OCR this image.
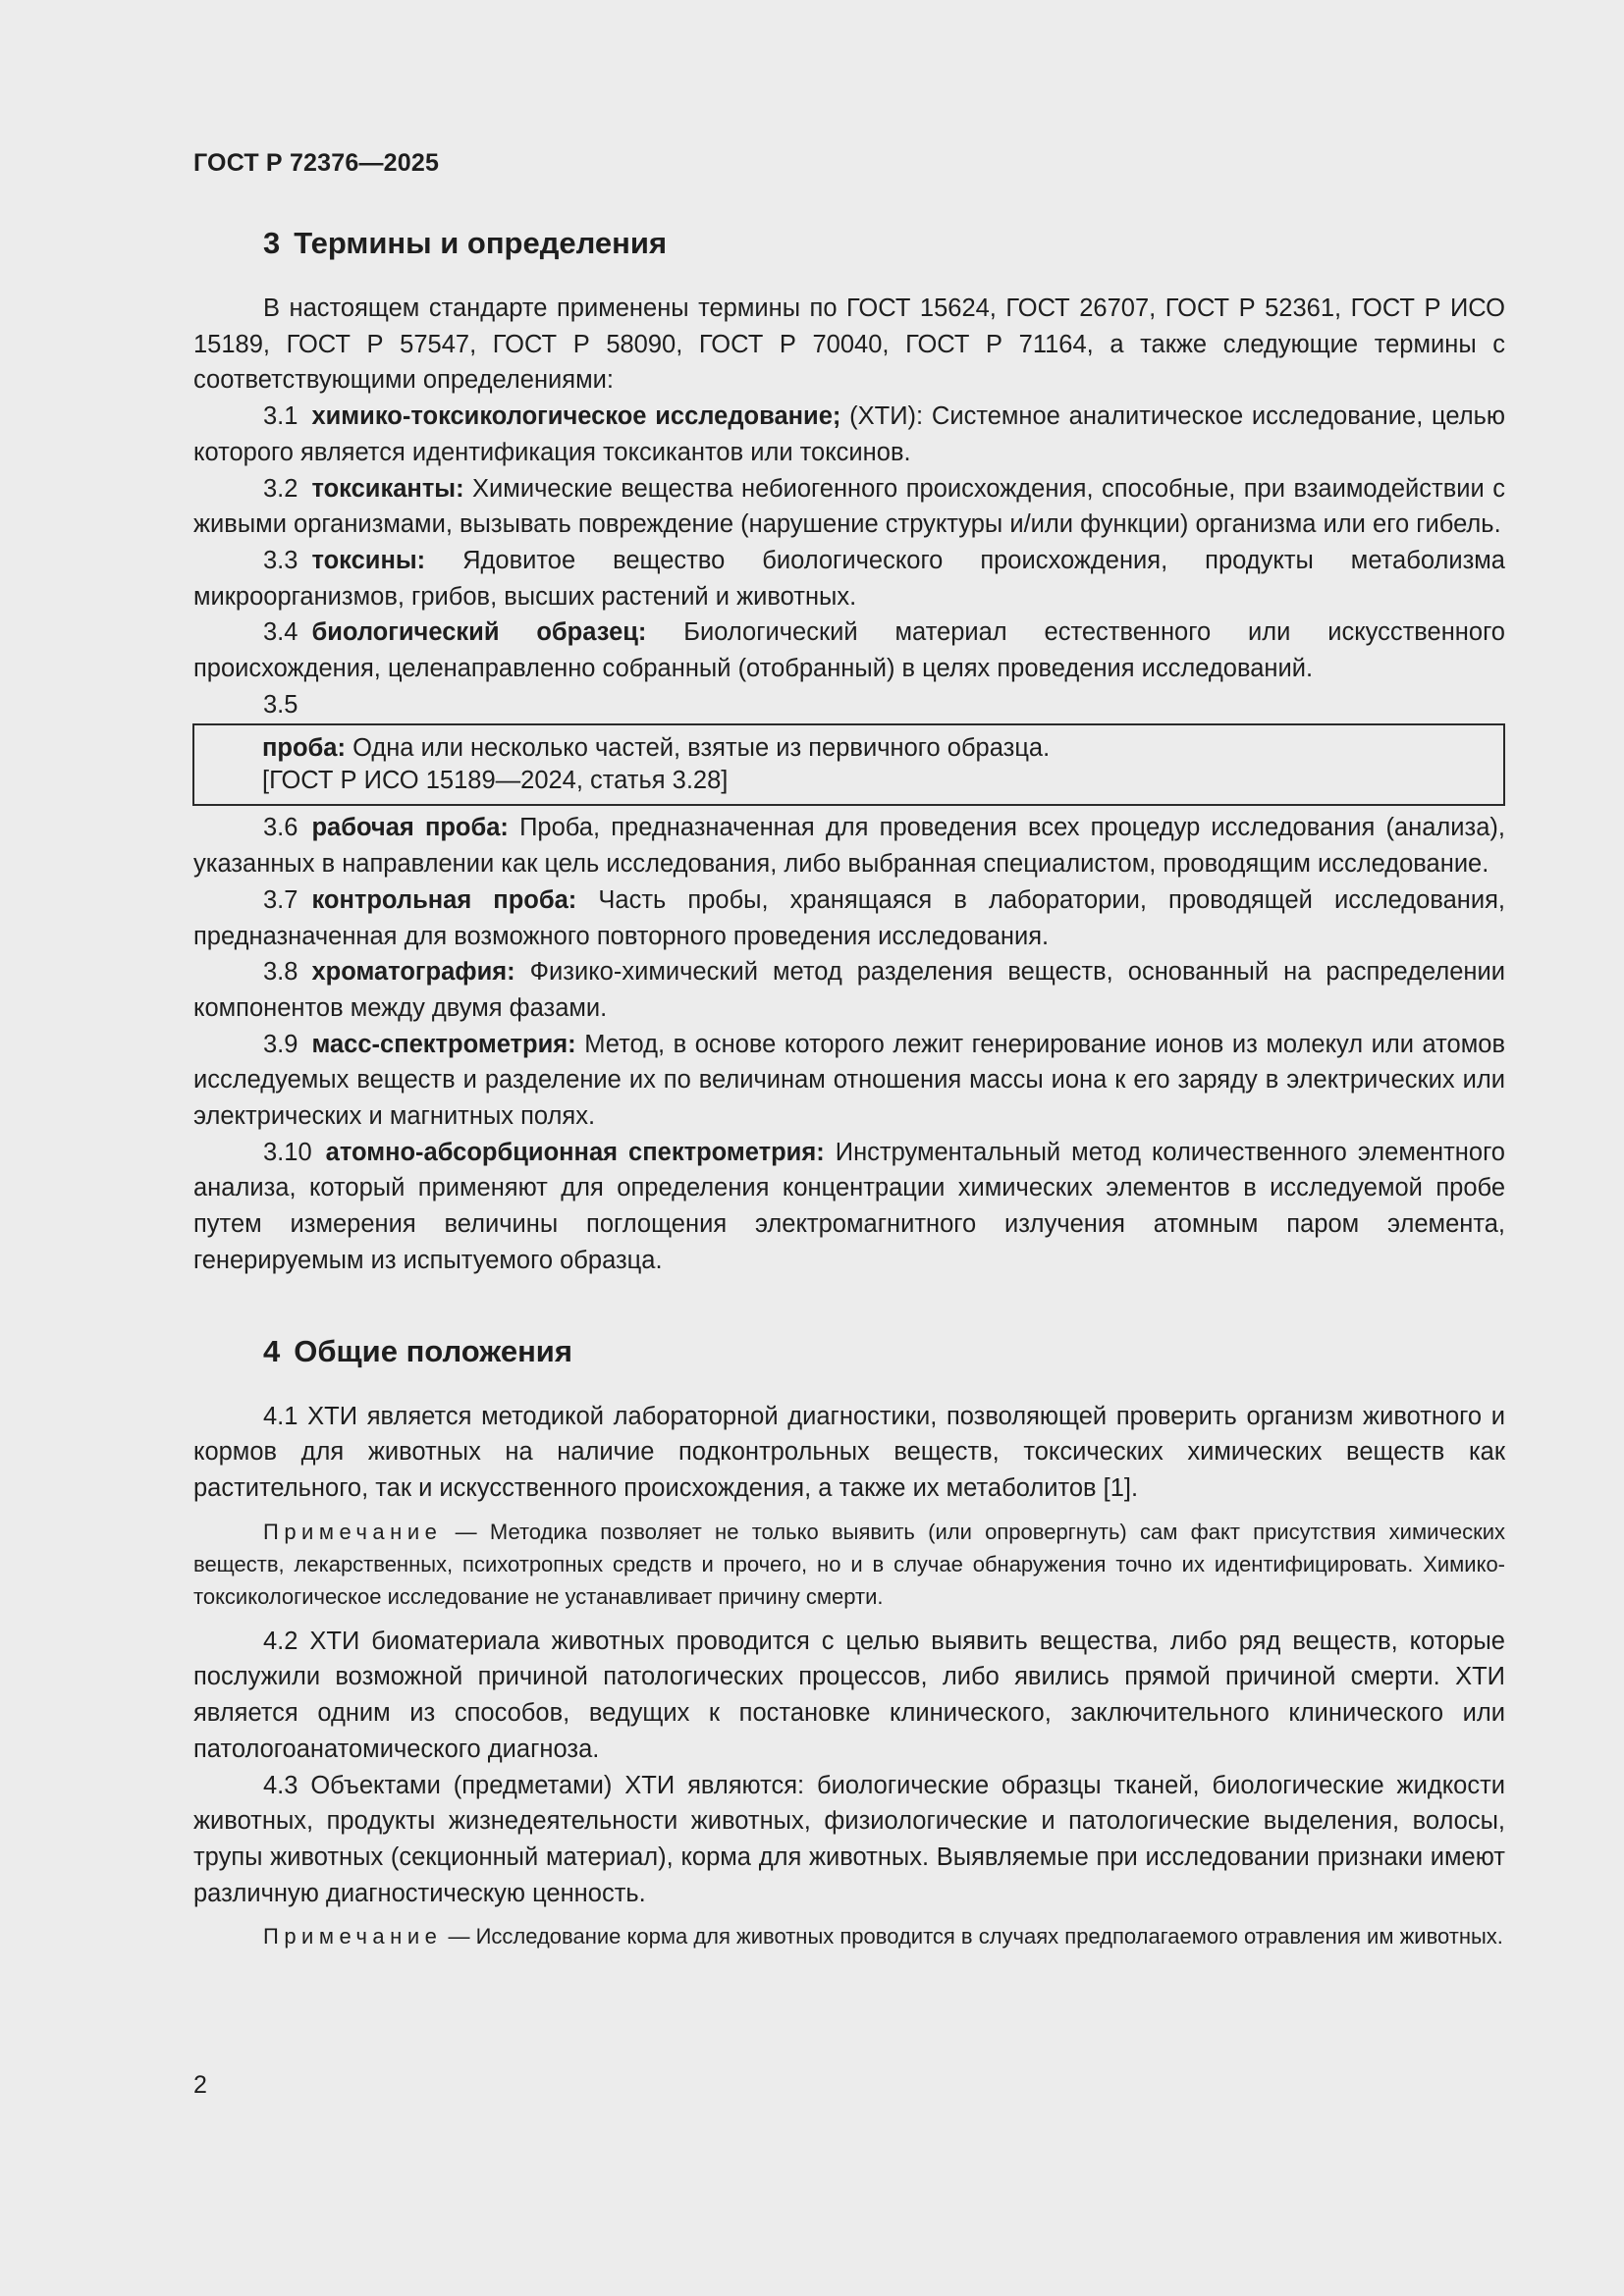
ГОСТ Р 72376—2025
3 Термины и определения

В настоящем стандарте применены термины по ГОСТ 15624, ГОСТ 26707, ГОСТ Р 52361, ГОСТ Р ИСО 15189, ГОСТ Р 57547, ГОСТ Р 58090, ГОСТ Р 70040, ГОСТ Р 71164, а также следующие термины с соответствующими определениями:

3.1 химико-токсикологическое исследование; (ХТИ): Системное аналитическое исследование, целью которого является идентификация токсикантов или токсинов.

3.2 токсиканты: Химические вещества небиогенного происхождения, способные, при взаимодействии с живыми организмами, вызывать повреждение (нарушение структуры и/или функции) организма или его гибель.

3.3 токсины: Ядовитое вещество биологического происхождения, продукты метаболизма микроорганизмов, грибов, высших растений и животных.

3.4 биологический образец: Биологический материал естественного или искусственного происхождения, целенаправленно собранный (отобранный) в целях проведения исследований.

3.5

проба: Одна или несколько частей, взятые из первичного образца.
[ГОСТ Р ИСО 15189—2024, статья 3.28]

3.6 рабочая проба: Проба, предназначенная для проведения всех процедур исследования (анализа), указанных в направлении как цель исследования, либо выбранная специалистом, проводящим исследование.

3.7 контрольная проба: Часть пробы, хранящаяся в лаборатории, проводящей исследования, предназначенная для возможного повторного проведения исследования.

3.8 хроматография: Физико-химический метод разделения веществ, основанный на распределении компонентов между двумя фазами.

3.9 масс-спектрометрия: Метод, в основе которого лежит генерирование ионов из молекул или атомов исследуемых веществ и разделение их по величинам отношения массы иона к его заряду в электрических или электрических и магнитных полях.

3.10 атомно-абсорбционная спектрометрия: Инструментальный метод количественного элементного анализа, который применяют для определения концентрации химических элементов в исследуемой пробе путем измерения величины поглощения электромагнитного излучения атомным паром элемента, генерируемым из испытуемого образца.

4 Общие положения

4.1 ХТИ является методикой лабораторной диагностики, позволяющей проверить организм животного и кормов для животных на наличие подконтрольных веществ, токсических химических веществ как растительного, так и искусственного происхождения, а также их метаболитов [1].

Примечание — Методика позволяет не только выявить (или опровергнуть) сам факт присутствия химических веществ, лекарственных, психотропных средств и прочего, но и в случае обнаружения точно их идентифицировать. Химико-токсикологическое исследование не устанавливает причину смерти.

4.2 ХТИ биоматериала животных проводится с целью выявить вещества, либо ряд веществ, которые послужили возможной причиной патологических процессов, либо явились прямой причиной смерти. ХТИ является одним из способов, ведущих к постановке клинического, заключительного клинического или патологоанатомического диагноза.

4.3 Объектами (предметами) ХТИ являются: биологические образцы тканей, биологические жидкости животных, продукты жизнедеятельности животных, физиологические и патологические выделения, волосы, трупы животных (секционный материал), корма для животных. Выявляемые при исследовании признаки имеют различную диагностическую ценность.

Примечание — Исследование корма для животных проводится в случаях предполагаемого отравления им животных.
2
